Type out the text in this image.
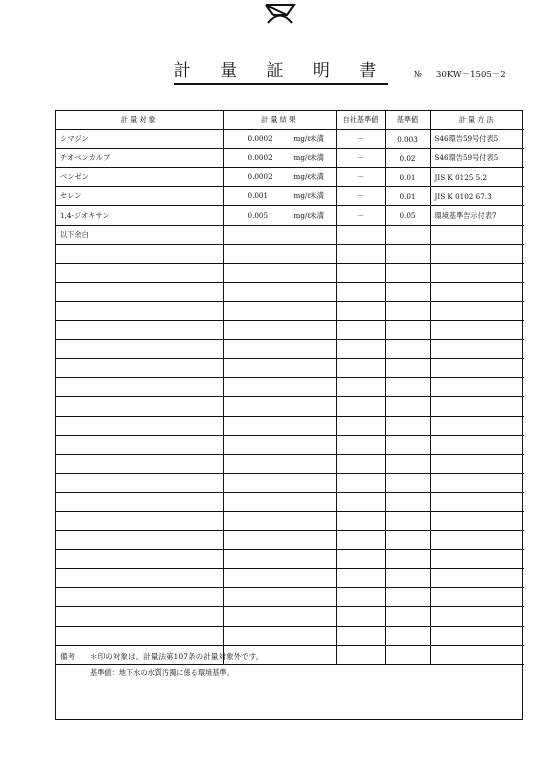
計 量 証 明 書	№ 30KW－1505－2
計量対象	計量結果	自社基準値	基準値	計量方法
シマジン	0.0002 mg/ℓ未満	－	0.003	S46環告59号付表5
チオベンカルブ	0.0002 mg/ℓ未満	－	0.02	S46環告59号付表5
ベンゼン	0.0002 mg/ℓ未満	－	0.01	JIS K 0125 5.2
セレン	0.001 mg/ℓ未満	－	0.01	JIS K 0102 67.3
1,4-ジオキサン	0.005 mg/ℓ未満	－	0.05	環境基準告示付表7
以下余白				

備考	＊印の対象は、計量法第107条の計量対象外です。
基準値：地下水の水質汚濁に係る環境基準。
